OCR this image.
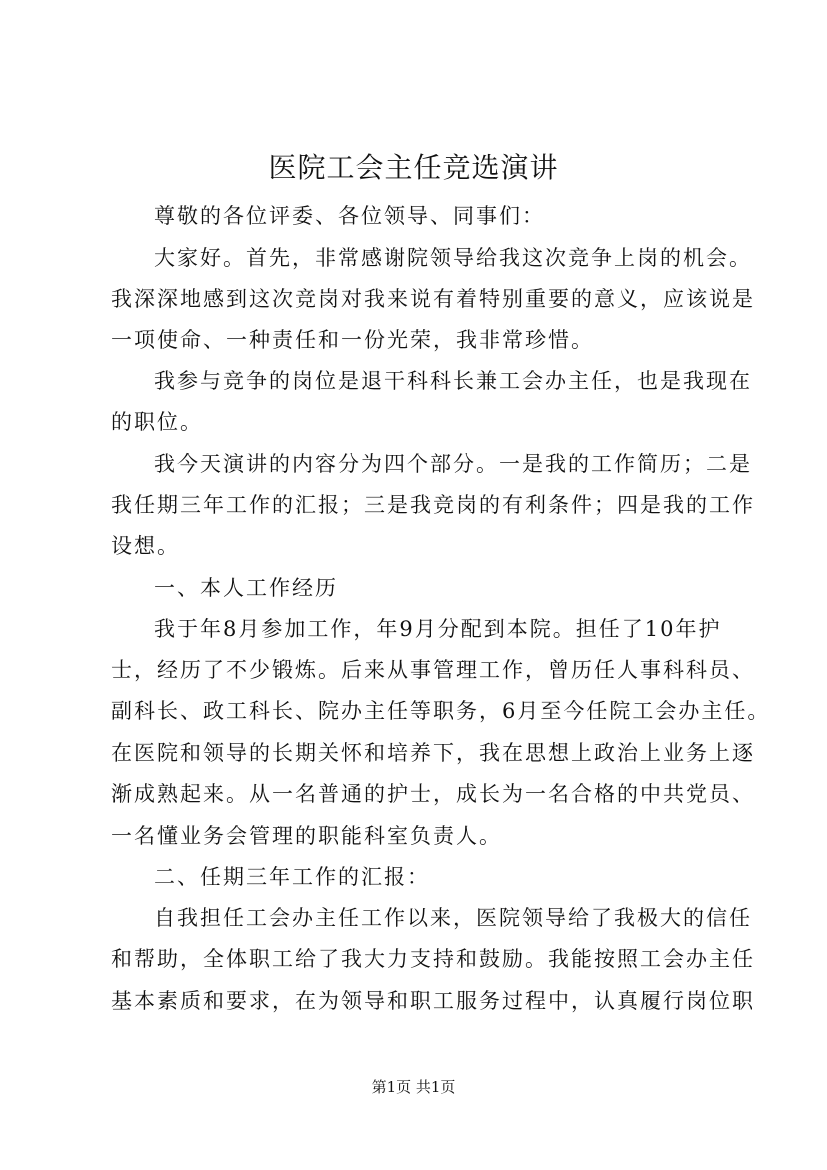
医院工会主任竞选演讲
尊敬的各位评委、各位领导、同事们：
大家好。首先，非常感谢院领导给我这次竞争上岗的机会。
我深深地感到这次竞岗对我来说有着特别重要的意义，应该说是
一项使命、一种责任和一份光荣，我非常珍惜。
我参与竞争的岗位是退干科科长兼工会办主任，也是我现在
的职位。
我今天演讲的内容分为四个部分。一是我的工作简历；二是
我任期三年工作的汇报；三是我竞岗的有利条件；四是我的工作
设想。
一、本人工作经历
我于年8月参加工作，年9月分配到本院。担任了10年护
士，经历了不少锻炼。后来从事管理工作，曾历任人事科科员、
副科长、政工科长、院办主任等职务，6月至今任院工会办主任。
在医院和领导的长期关怀和培养下，我在思想上政治上业务上逐
渐成熟起来。从一名普通的护士，成长为一名合格的中共党员、
一名懂业务会管理的职能科室负责人。
二、任期三年工作的汇报：
自我担任工会办主任工作以来，医院领导给了我极大的信任
和帮助，全体职工给了我大力支持和鼓励。我能按照工会办主任
基本素质和要求，在为领导和职工服务过程中，认真履行岗位职
第1页 共1页
